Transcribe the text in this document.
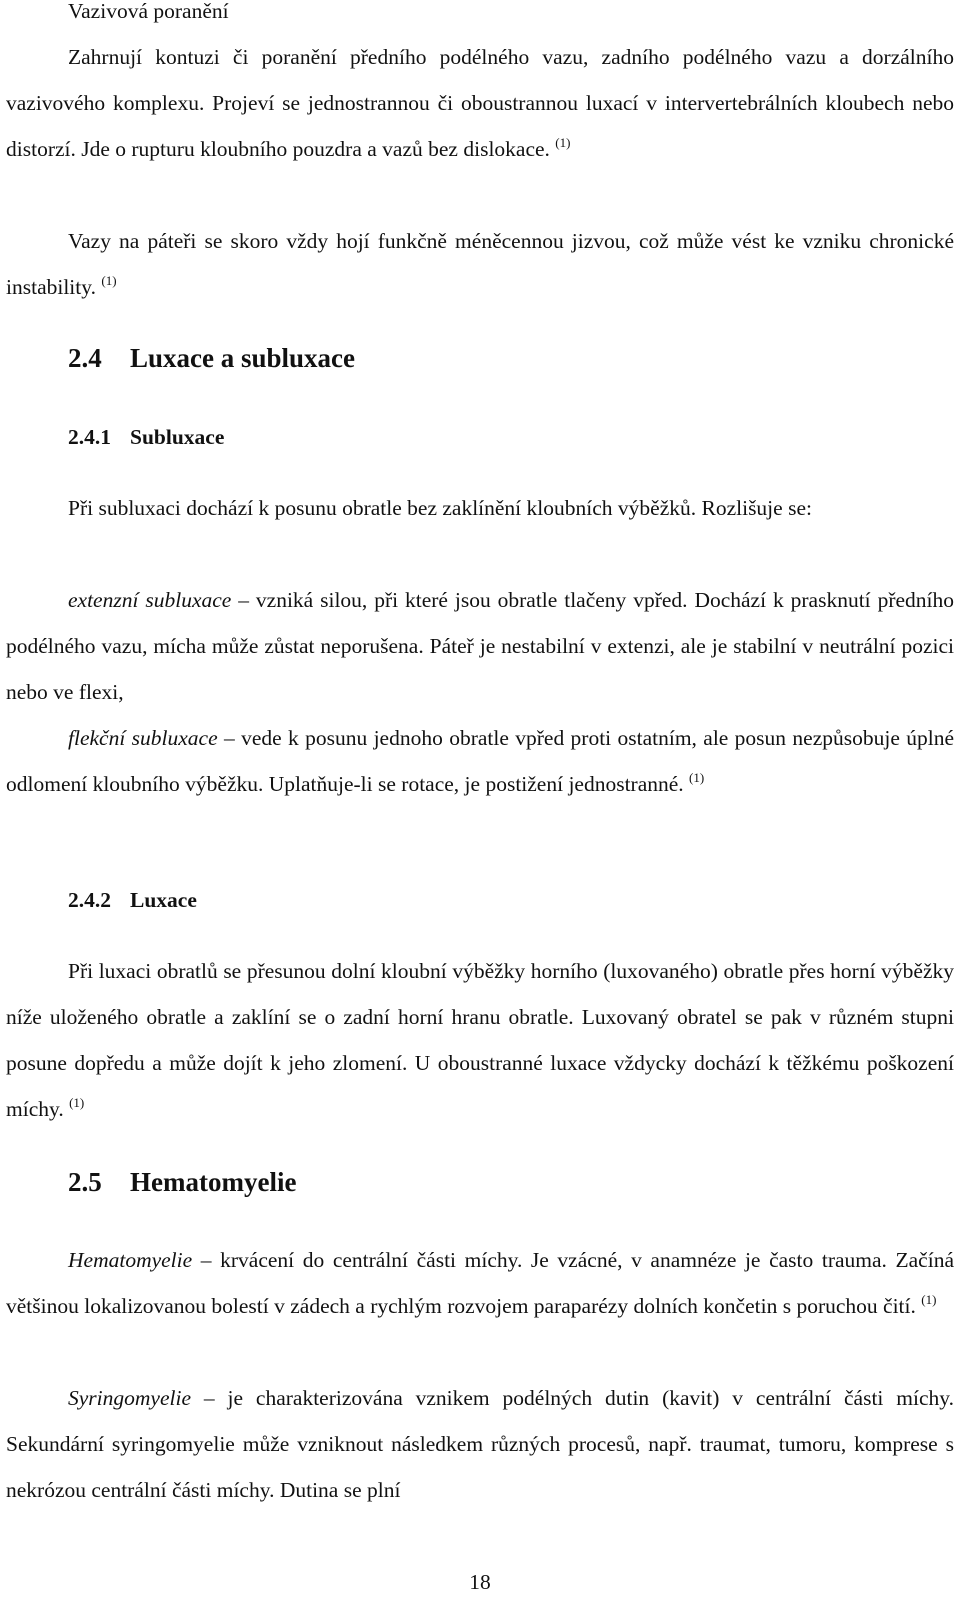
Vazivová poranění

Zahrnují kontuzi či poranění předního podélného vazu, zadního podélného vazu a dorzálního vazivového komplexu. Projeví se jednostrannou či oboustrannou luxací v intervertebrálních kloubech nebo distorzí. Jde o rupturu kloubního pouzdra a vazů bez dislokace. $^{(1)}$

Vazy na páteři se skoro vždy hojí funkčně méněcennou jizvou, což může vést ke vzniku chronické instability. $^{(1)}$

2.4 Luxace a subluxace
2.4.1 Subluxace

Při subluxaci dochází k posunu obratle bez zaklínění kloubních výběžků. Rozlišuje se:

extenzní subluxace – vzniká silou, při které jsou obratle tlačeny vpřed. Dochází k prasknutí předního podélného vazu, mícha může zůstat neporušena. Páteř je nestabilní v extenzi, ale je stabilní v neutrální pozici nebo ve flexi,

flekční subluxace – vede k posunu jednoho obratle vpřed proti ostatním, ale posun nezpůsobuje úplné odlomení kloubního výběžku. Uplatňuje-li se rotace, je postižení jednostranné. $^{(1)}$

2.4.2 Luxace

Při luxaci obratlů se přesunou dolní kloubní výběžky horního (luxovaného) obratle přes horní výběžky níže uloženého obratle a zaklíní se o zadní horní hranu obratle. Luxovaný obratel se pak v různém stupni posune dopředu a může dojít k jeho zlomení. U oboustranné luxace vždycky dochází k těžkému poškození míchy. $^{(1)}$

2.5 Hematomyelie

Hematomyelie – krvácení do centrální části míchy. Je vzácné, v anamnéze je často trauma. Začíná většinou lokalizovanou bolestí v zádech a rychlým rozvojem paraparézy dolních končetin s poruchou čití. $^{(1)}$

Syringomyelie – je charakterizována vznikem podélných dutin (kavit) v centrální části míchy. Sekundární syringomyelie může vzniknout následkem různých procesů, např. traumat, tumoru, komprese s nekrózou centrální části míchy. Dutina se plní

18
